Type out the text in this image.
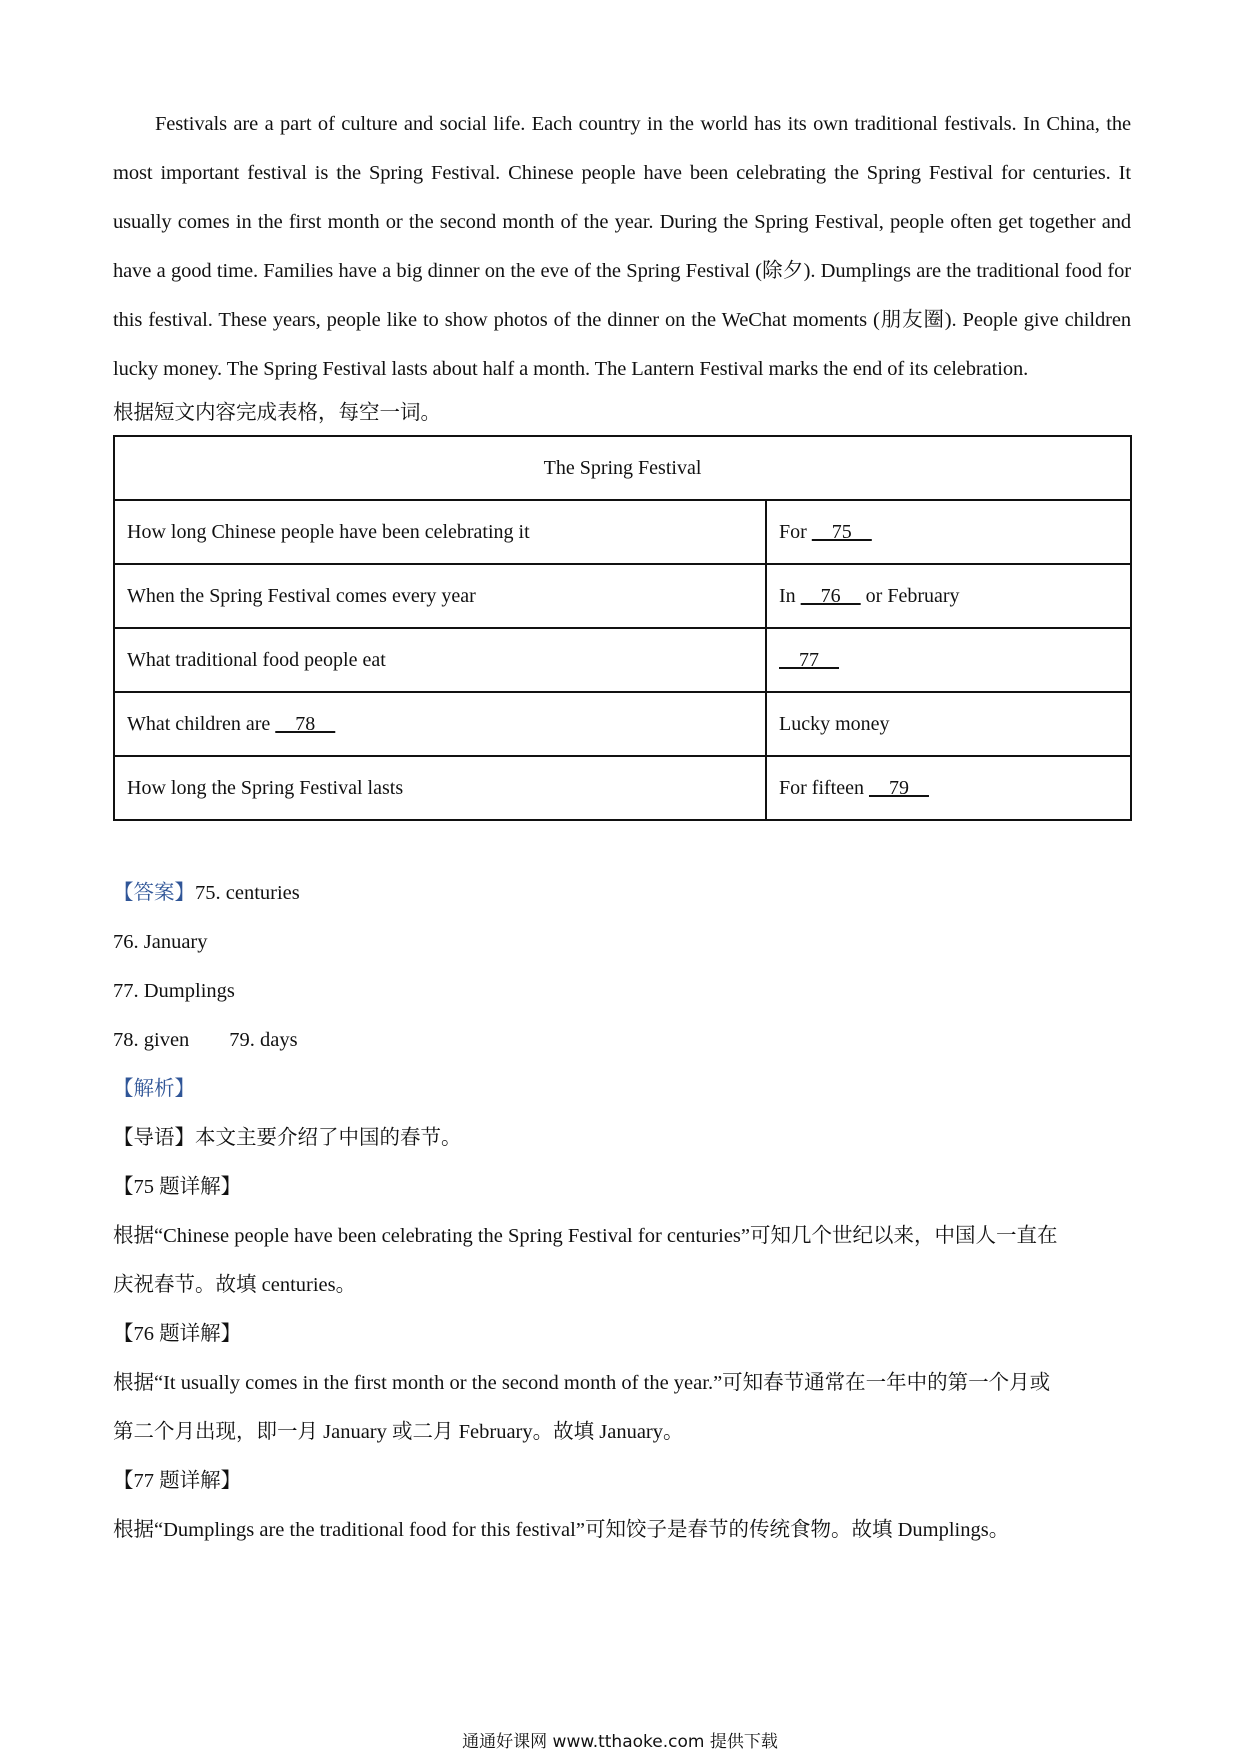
Festivals are a part of culture and social life. Each country in the world has its own traditional festivals. In China, the most important festival is the Spring Festival. Chinese people have been celebrating the Spring Festival for centuries. It usually comes in the first month or the second month of the year. During the Spring Festival, people often get together and have a good time. Families have a big dinner on the eve of the Spring Festival (除夕). Dumplings are the traditional food for this festival. These years, people like to show photos of the dinner on the WeChat moments (朋友圈). People give children lucky money. The Spring Festival lasts about half a month. The Lantern Festival marks the end of its celebration.

根据短文内容完成表格，每空一词。

The Spring Festival	
How long Chinese people have been celebrating it	For     75
When the Spring Festival comes every year	In     76     or February
What traditional food people eat	77
What children are     78	Lucky money
How long the Spring Festival lasts	For fifteen     79

【答案】75. centuries

76. January

77. Dumplings

78. given 79. days

【解析】

【导语】本文主要介绍了中国的春节。

【75 题详解】

根据“Chinese people have been celebrating the Spring Festival for centuries”可知几个世纪以来，中国人一直在

庆祝春节。故填 centuries。

【76 题详解】

根据“It usually comes in the first month or the second month of the year.”可知春节通常在一年中的第一个月或

第二个月出现，即一月 January 或二月 February。故填 January。

【77 题详解】

根据“Dumplings are the traditional food for this festival”可知饺子是春节的传统食物。故填 Dumplings。

通通好课网 www.tthaoke.com 提供下载
